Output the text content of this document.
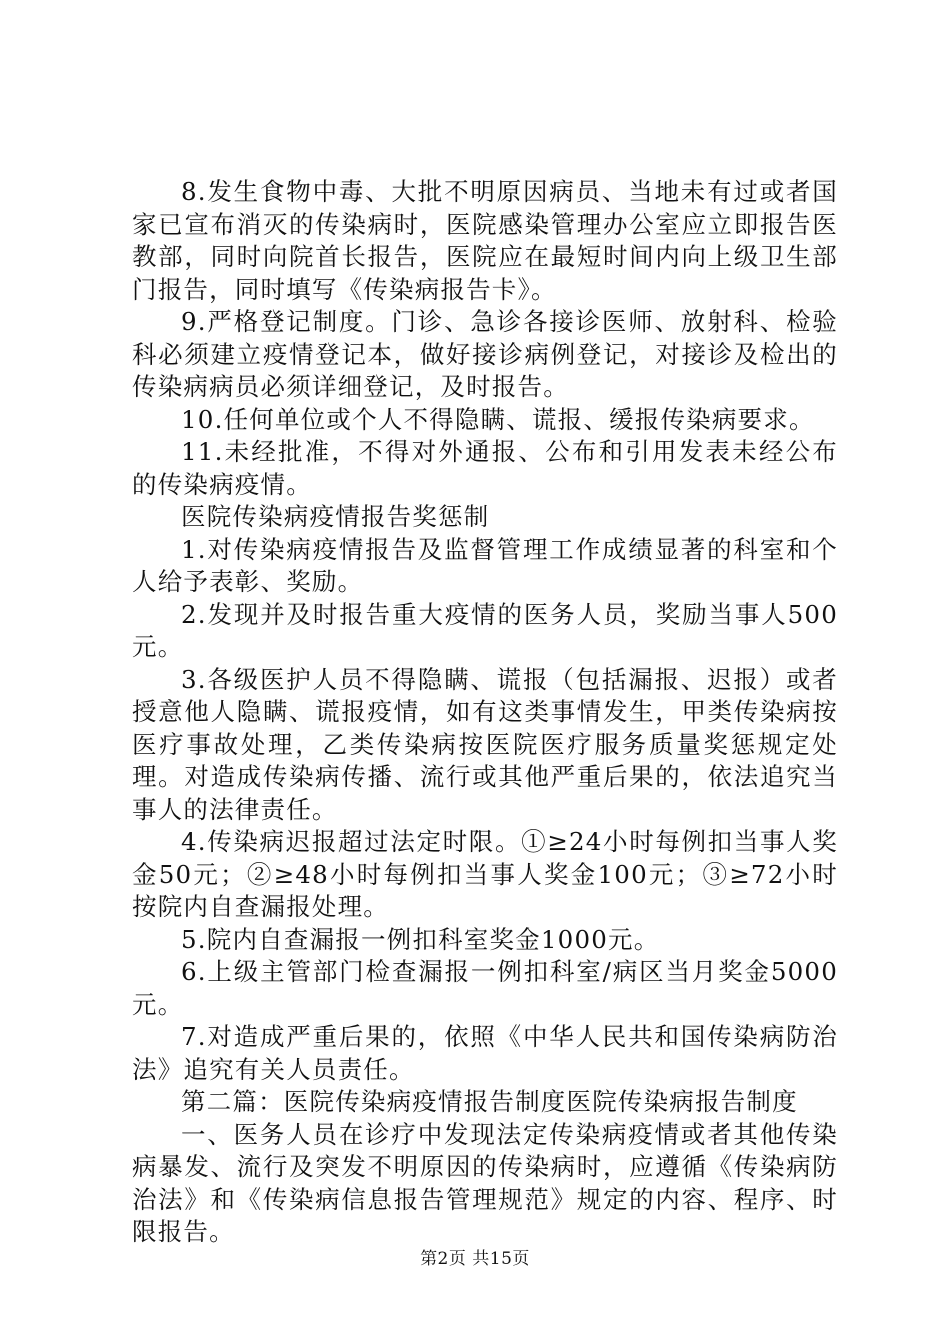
8.发生食物中毒、大批不明原因病员、当地未有过或者国家已宣布消灭的传染病时，医院感染管理办公室应立即报告医教部，同时向院首长报告，医院应在最短时间内向上级卫生部门报告，同时填写《传染病报告卡》。

9.严格登记制度。门诊、急诊各接诊医师、放射科、检验科必须建立疫情登记本，做好接诊病例登记，对接诊及检出的传染病病员必须详细登记，及时报告。

10.任何单位或个人不得隐瞒、谎报、缓报传染病要求。

11.未经批准，不得对外通报、公布和引用发表未经公布的传染病疫情。

医院传染病疫情报告奖惩制

1.对传染病疫情报告及监督管理工作成绩显著的科室和个人给予表彰、奖励。

2.发现并及时报告重大疫情的医务人员，奖励当事人500元。

3.各级医护人员不得隐瞒、谎报（包括漏报、迟报）或者授意他人隐瞒、谎报疫情，如有这类事情发生，甲类传染病按医疗事故处理，乙类传染病按医院医疗服务质量奖惩规定处理。对造成传染病传播、流行或其他严重后果的，依法追究当事人的法律责任。

4.传染病迟报超过法定时限。①≥24小时每例扣当事人奖金50元；②≥48小时每例扣当事人奖金100元；③≥72小时按院内自查漏报处理。

5.院内自查漏报一例扣科室奖金1000元。

6.上级主管部门检查漏报一例扣科室/病区当月奖金5000元。

7.对造成严重后果的，依照《中华人民共和国传染病防治法》追究有关人员责任。

第二篇：医院传染病疫情报告制度医院传染病报告制度

一、医务人员在诊疗中发现法定传染病疫情或者其他传染病暴发、流行及突发不明原因的传染病时，应遵循《传染病防治法》和《传染病信息报告管理规范》规定的内容、程序、时限报告。

第2页 共15页
